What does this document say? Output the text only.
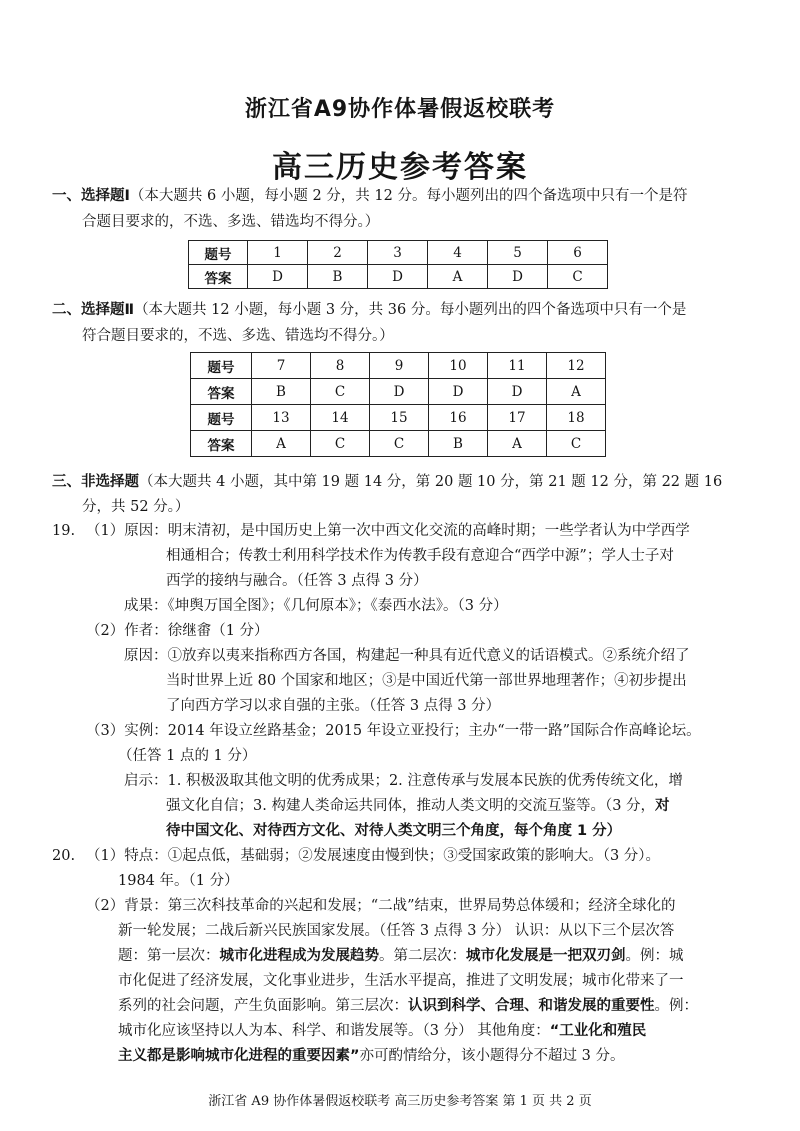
浙江省A9协作体暑假返校联考
高三历史参考答案
一、选择题Ⅰ（本大题共 6 小题，每小题 2 分，共 12 分。每小题列出的四个备选项中只有一个是符
合题目要求的，不选、多选、错选均不得分。）
题号	1	2	3	4	5	6
答案	D	B	D	A	D	C
二、选择题Ⅱ（本大题共 12 小题，每小题 3 分，共 36 分。每小题列出的四个备选项中只有一个是
符合题目要求的，不选、多选、错选均不得分。）
题号	7	8	9	10	11	12
答案	B	C	D	D	D	A
题号	13	14	15	16	17	18
答案	A	C	C	B	A	C
三、非选择题（本大题共 4 小题，其中第 19 题 14 分，第 20 题 10 分，第 21 题 12 分，第 22 题 16
分，共 52 分。）
19. （1）原因：明末清初，是中国历史上第一次中西文化交流的高峰时期；一些学者认为中学西学
相通相合；传教士利用科学技术作为传教手段有意迎合“西学中源”；学人士子对
西学的接纳与融合。（任答 3 点得 3 分）
成果：《坤舆万国全图》；《几何原本》；《泰西水法》。（3 分）
（2）作者：徐继畬（1 分）
原因：①放弃以夷来指称西方各国，构建起一种具有近代意义的话语模式。②系统介绍了
当时世界上近 80 个国家和地区；③是中国近代第一部世界地理著作；④初步提出
了向西方学习以求自强的主张。（任答 3 点得 3 分）
（3）实例：2014 年设立丝路基金；2015 年设立亚投行；主办“一带一路”国际合作高峰论坛。
（任答 1 点的 1 分）
启示：1. 积极汲取其他文明的优秀成果；2. 注意传承与发展本民族的优秀传统文化，增
强文化自信；3. 构建人类命运共同体，推动人类文明的交流互鉴等。（3 分，对
待中国文化、对待西方文化、对待人类文明三个角度，每个角度 1 分）
20. （1）特点：①起点低，基础弱；②发展速度由慢到快；③受国家政策的影响大。（3 分）。
1984 年。（1 分）
（2）背景：第三次科技革命的兴起和发展；“二战”结束，世界局势总体缓和；经济全球化的
新一轮发展；二战后新兴民族国家发展。（任答 3 点得 3 分） 认识：从以下三个层次答
题：第一层次：城市化进程成为发展趋势。第二层次：城市化发展是一把双刃剑。例：城
市化促进了经济发展，文化事业进步，生活水平提高，推进了文明发展；城市化带来了一
系列的社会问题，产生负面影响。第三层次：认识到科学、合理、和谐发展的重要性。例：
城市化应该坚持以人为本、科学、和谐发展等。（3 分） 其他角度：“工业化和殖民
主义都是影响城市化进程的重要因素”亦可酌情给分，该小题得分不超过 3 分。
浙江省 A9 协作体暑假返校联考 高三历史参考答案 第 1 页 共 2 页
